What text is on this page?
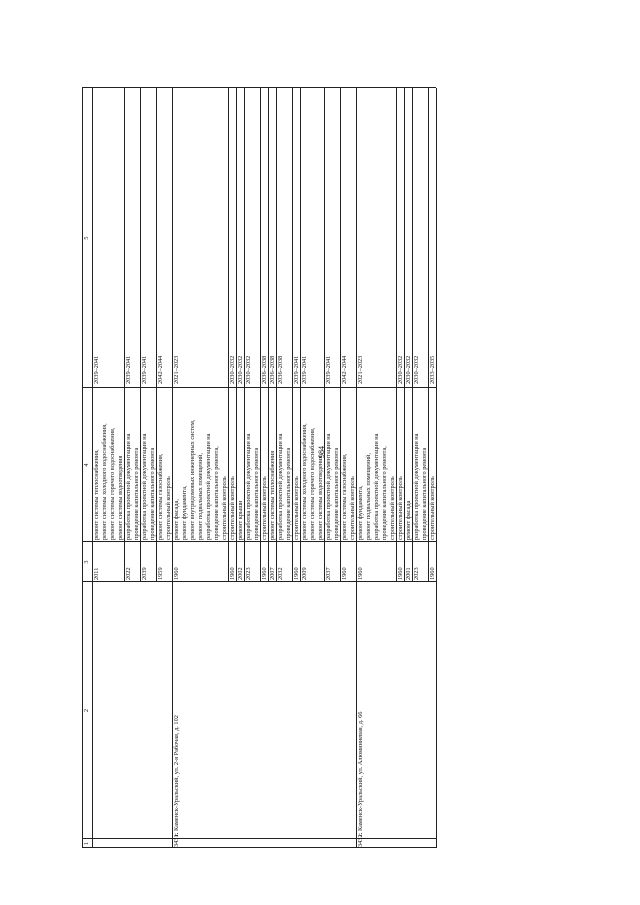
984
1
2
3
4
5
2011
ремонт системы теплоснабжения, ремонт системы холодного водоснабжения, ремонт системы горячего водоснабжения, ремонт системы водоотведения
2039–2041
2022
разработка проектной документации на проведение капитального ремонта
2039–2041
2039
разработка проектной документации на проведение капитального ремонта
2039–2041
1959
ремонт системы газоснабжения, строительный контроль
2042–2044
1960
ремонт фасада, ремонт фундамента, ремонт внутридомовых инженерных систем, ремонт подвальных помещений, разработка проектной документации на проведение капитального ремонта, строительный контроль
2021–2023
1960
строительный контроль
2030–2032
2002
ремонт крыши
2030–2032
2023
разработка проектной документации на проведение капитального ремонта
2030–2032
1960
строительный контроль
2036–2038
2007
ремонт системы теплоснабжения
2036–2038
2032
разработка проектной документации на проведение капитального ремонта
2036–2038
1960
строительный контроль
2039–2041
2009
ремонт системы холодного водоснабжения, ремонт системы горячего водоснабжения, ремонт системы водоотведения
2039–2041
2037
разработка проектной документации на проведение капитального ремонта
2039–2041
1960
ремонт системы газоснабжения, строительный контроль
2042–2044
3431.
г. Каменск-Уральский, ул. 2-я Рабочая, д. 102
1960
ремонт фундамента, ремонт подвальных помещений, разработка проектной документации на проведение капитального ремонта, строительный контроль
2021–2023
1960
строительный контроль
2030–2032
2001
ремонт фасада
2030–2032
2023
разработка проектной документации на проведение капитального ремонта
2030–2032
1960
строительный контроль
2033–2035
3432.
г. Каменск-Уральский, ул. Алюминиевая, д. 66
